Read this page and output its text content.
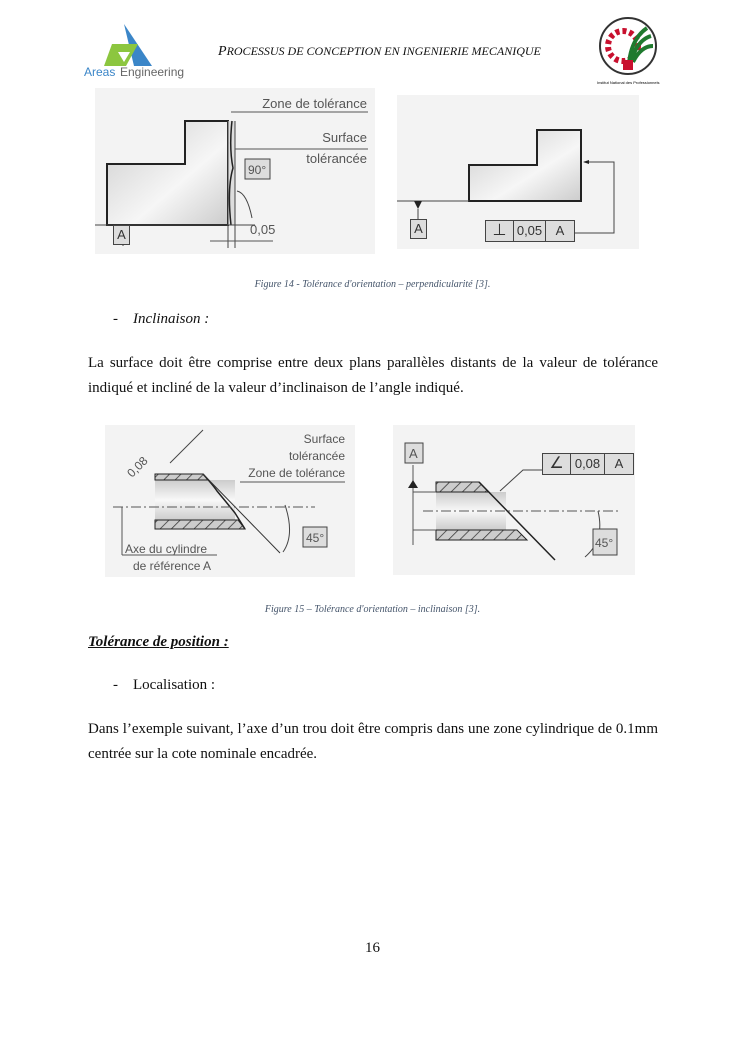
Areas Engineering
PROCESSUS DE CONCEPTION EN INGENIERIE MECANIQUE
Institut National des Professionnels
Zone de tolérance
Surface
tolérancée
90°
0,05
A	A	⊥ 0,05	A
Figure 14 - Tolérance d'orientation – perpendicularité [3].
- Inclinaison :
La surface doit être comprise entre deux plans parallèles distants de la valeur de tolérance indiqué et incliné de la valeur d’inclinaison de l’angle indiqué.
0,08
Surface
tolérancée
Zone de tolérance
Axe du cylindre
de référence A
45°
A
45°
∠ 0,08	A
Figure 15 – Tolérance d'orientation – inclinaison [3].
Tolérance de position :
- Localisation :
Dans l’exemple suivant, l’axe d’un trou doit être compris dans une zone cylindrique de 0.1mm centrée sur la cote nominale encadrée.
16
